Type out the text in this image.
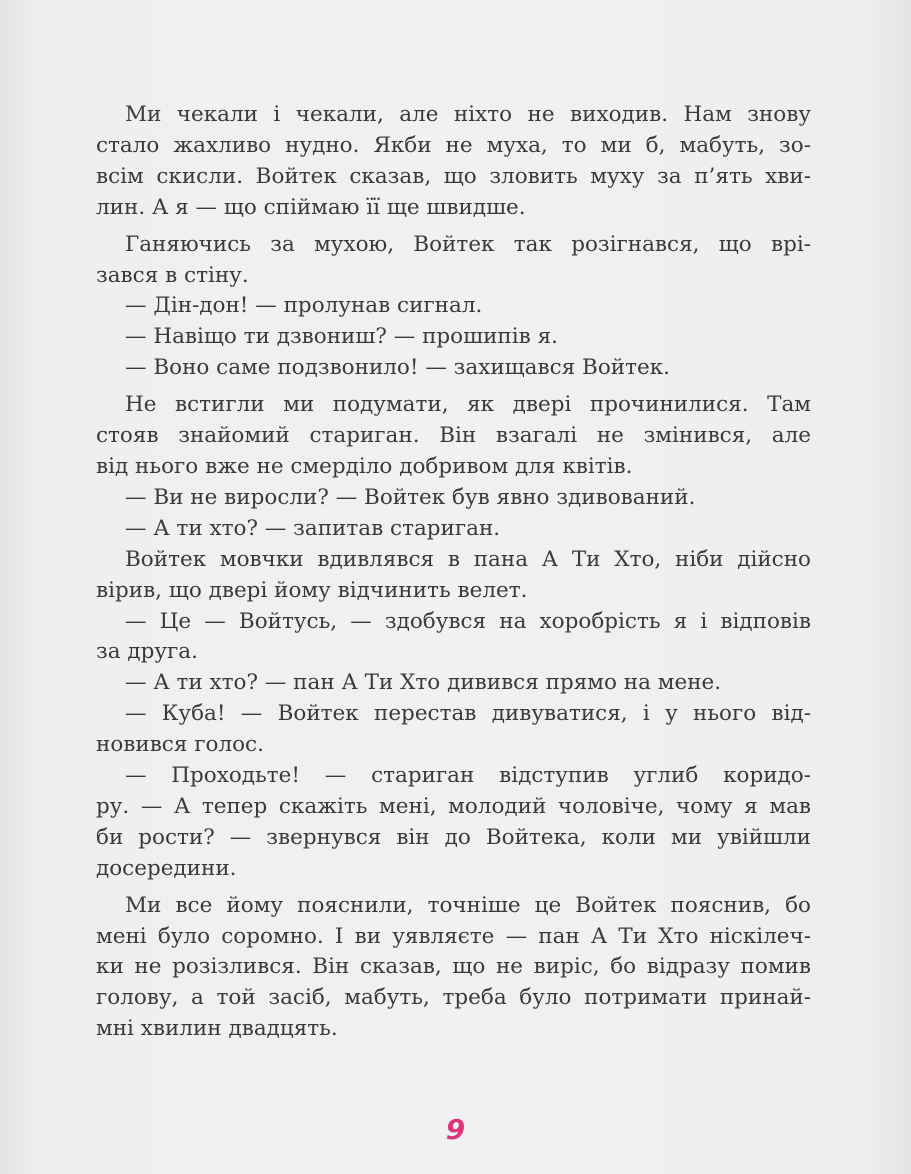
Ми чекали і чекали, але ніхто не виходив. Нам знову
стало жахливо нудно. Якби не муха, то ми б, мабуть, зо-
всім скисли. Войтек сказав, що зловить муху за п’ять хви-
лин. А я — що спіймаю її ще швидше.
Ганяючись за мухою, Войтек так розігнався, що врі-
зався в стіну.
— Дін-дон! — пролунав сигнал.
— Навіщо ти дзвониш? — прошипів я.
— Воно саме подзвонило! — захищався Войтек.
Не встигли ми подумати, як двері прочинилися. Там
стояв знайомий стариган. Він взагалі не змінився, але
від нього вже не смерділо добривом для квітів.
— Ви не виросли? — Войтек був явно здивований.
— А ти хто? — запитав стариган.
Войтек мовчки вдивлявся в пана А Ти Хто, ніби дійсно
вірив, що двері йому відчинить велет.
— Це — Войтусь, — здобувся на хоробрість я і відповів
за друга.
— А ти хто? — пан А Ти Хто дивився прямо на мене.
— Куба! — Войтек перестав дивуватися, і у нього від-
новився голос.
— Проходьте! — стариган відступив углиб коридо-
ру. — А тепер скажіть мені, молодий чоловіче, чому я мав
би рости? — звернувся він до Войтека, коли ми увійшли
досередини.
Ми все йому пояснили, точніше це Войтек пояснив, бо
мені було соромно. І ви уявляєте — пан А Ти Хто ніскілеч-
ки не розізлився. Він сказав, що не виріс, бо відразу помив
голову, а той засіб, мабуть, треба було потримати принай-
мні хвилин двадцять.
9
